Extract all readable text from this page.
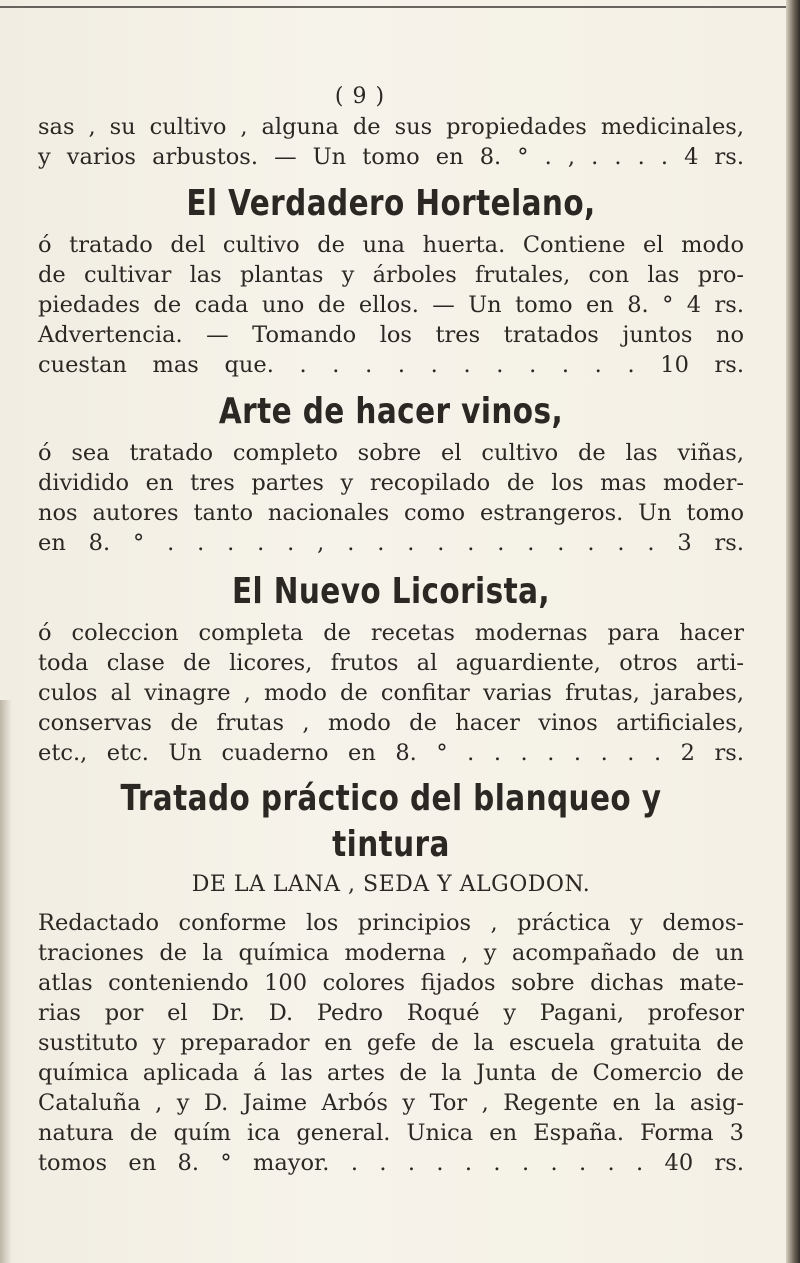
( 9 )
sas , su cultivo , alguna de sus propiedades medicinales,
y varios arbustos. — Un tomo en 8. ° . , . . . . 4 rs.
El Verdadero Hortelano,
ó tratado del cultivo de una huerta. Contiene el modo
de cultivar las plantas y árboles frutales, con las pro-
piedades de cada uno de ellos. — Un tomo en 8. ° 4 rs.
Advertencia. — Tomando los tres tratados juntos no
cuestan mas que. . . . . . . . . . . . 10 rs.
Arte de hacer vinos,
ó sea tratado completo sobre el cultivo de las viñas,
dividido en tres partes y recopilado de los mas moder-
nos autores tanto nacionales como estrangeros. Un tomo
en 8. ° . . . . . , . . . . . . . . . . . 3 rs.
El Nuevo Licorista,
ó coleccion completa de recetas modernas para hacer
toda clase de licores, frutos al aguardiente, otros arti-
culos al vinagre , modo de confitar varias frutas, jarabes,
conservas de frutas , modo de hacer vinos artificiales,
etc., etc. Un cuaderno en 8. ° . . . . . . . . 2 rs.
Tratado práctico del blanqueo y tintura

DE LA LANA , SEDA Y ALGODON.

Redactado conforme los principios , práctica y demos-
traciones de la química moderna , y acompañado de un
atlas conteniendo 100 colores fijados sobre dichas mate-
rias por el Dr. D. Pedro Roqué y Pagani, profesor
sustituto y preparador en gefe de la escuela gratuita de
química aplicada á las artes de la Junta de Comercio de
Cataluña , y D. Jaime Arbós y Tor , Regente en la asig-
natura de quím ica general. Unica en España. Forma 3
tomos en 8. ° mayor. . . . . . . . . . . . 40 rs.
